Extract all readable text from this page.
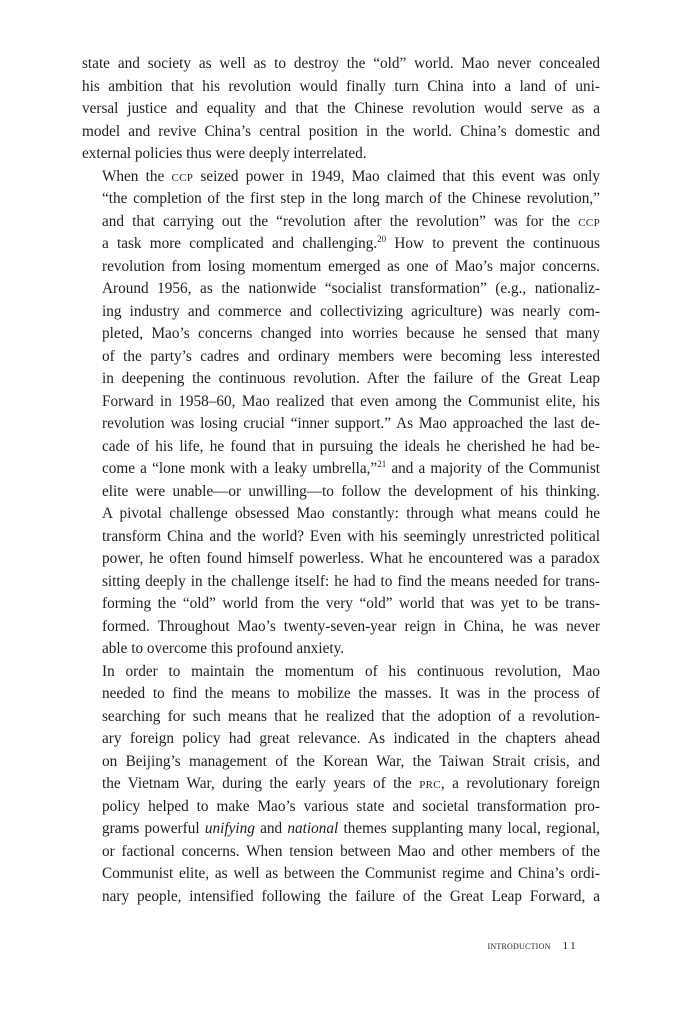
state and society as well as to destroy the “old” world. Mao never concealed
his ambition that his revolution would finally turn China into a land of uni-
versal justice and equality and that the Chinese revolution would serve as a
model and revive China’s central position in the world. China’s domestic and
external policies thus were deeply interrelated.

When the ccp seized power in 1949, Mao claimed that this event was only
“the completion of the first step in the long march of the Chinese revolution,”
and that carrying out the “revolution after the revolution” was for the ccp
a task more complicated and challenging.$^{20}$ How to prevent the continuous
revolution from losing momentum emerged as one of Mao’s major concerns.
Around 1956, as the nationwide “socialist transformation” (e.g., nationaliz-
ing industry and commerce and collectivizing agriculture) was nearly com-
pleted, Mao’s concerns changed into worries because he sensed that many
of the party’s cadres and ordinary members were becoming less interested
in deepening the continuous revolution. After the failure of the Great Leap
Forward in 1958–60, Mao realized that even among the Communist elite, his
revolution was losing crucial “inner support.” As Mao approached the last de-
cade of his life, he found that in pursuing the ideals he cherished he had be-
come a “lone monk with a leaky umbrella,”$^{21}$ and a majority of the Communist
elite were unable—or unwilling—to follow the development of his thinking.
A pivotal challenge obsessed Mao constantly: through what means could he
transform China and the world? Even with his seemingly unrestricted political
power, he often found himself powerless. What he encountered was a paradox
sitting deeply in the challenge itself: he had to find the means needed for trans-
forming the “old” world from the very “old” world that was yet to be trans-
formed. Throughout Mao’s twenty-seven-year reign in China, he was never
able to overcome this profound anxiety.

In order to maintain the momentum of his continuous revolution, Mao
needed to find the means to mobilize the masses. It was in the process of
searching for such means that he realized that the adoption of a revolution-
ary foreign policy had great relevance. As indicated in the chapters ahead
on Beijing’s management of the Korean War, the Taiwan Strait crisis, and
the Vietnam War, during the early years of the prc, a revolutionary foreign
policy helped to make Mao’s various state and societal transformation pro-
grams powerful unifying and national themes supplanting many local, regional,
or factional concerns. When tension between Mao and other members of the
Communist elite, as well as between the Communist regime and China’s ordi-
nary people, intensified following the failure of the Great Leap Forward, a

introduction 11
